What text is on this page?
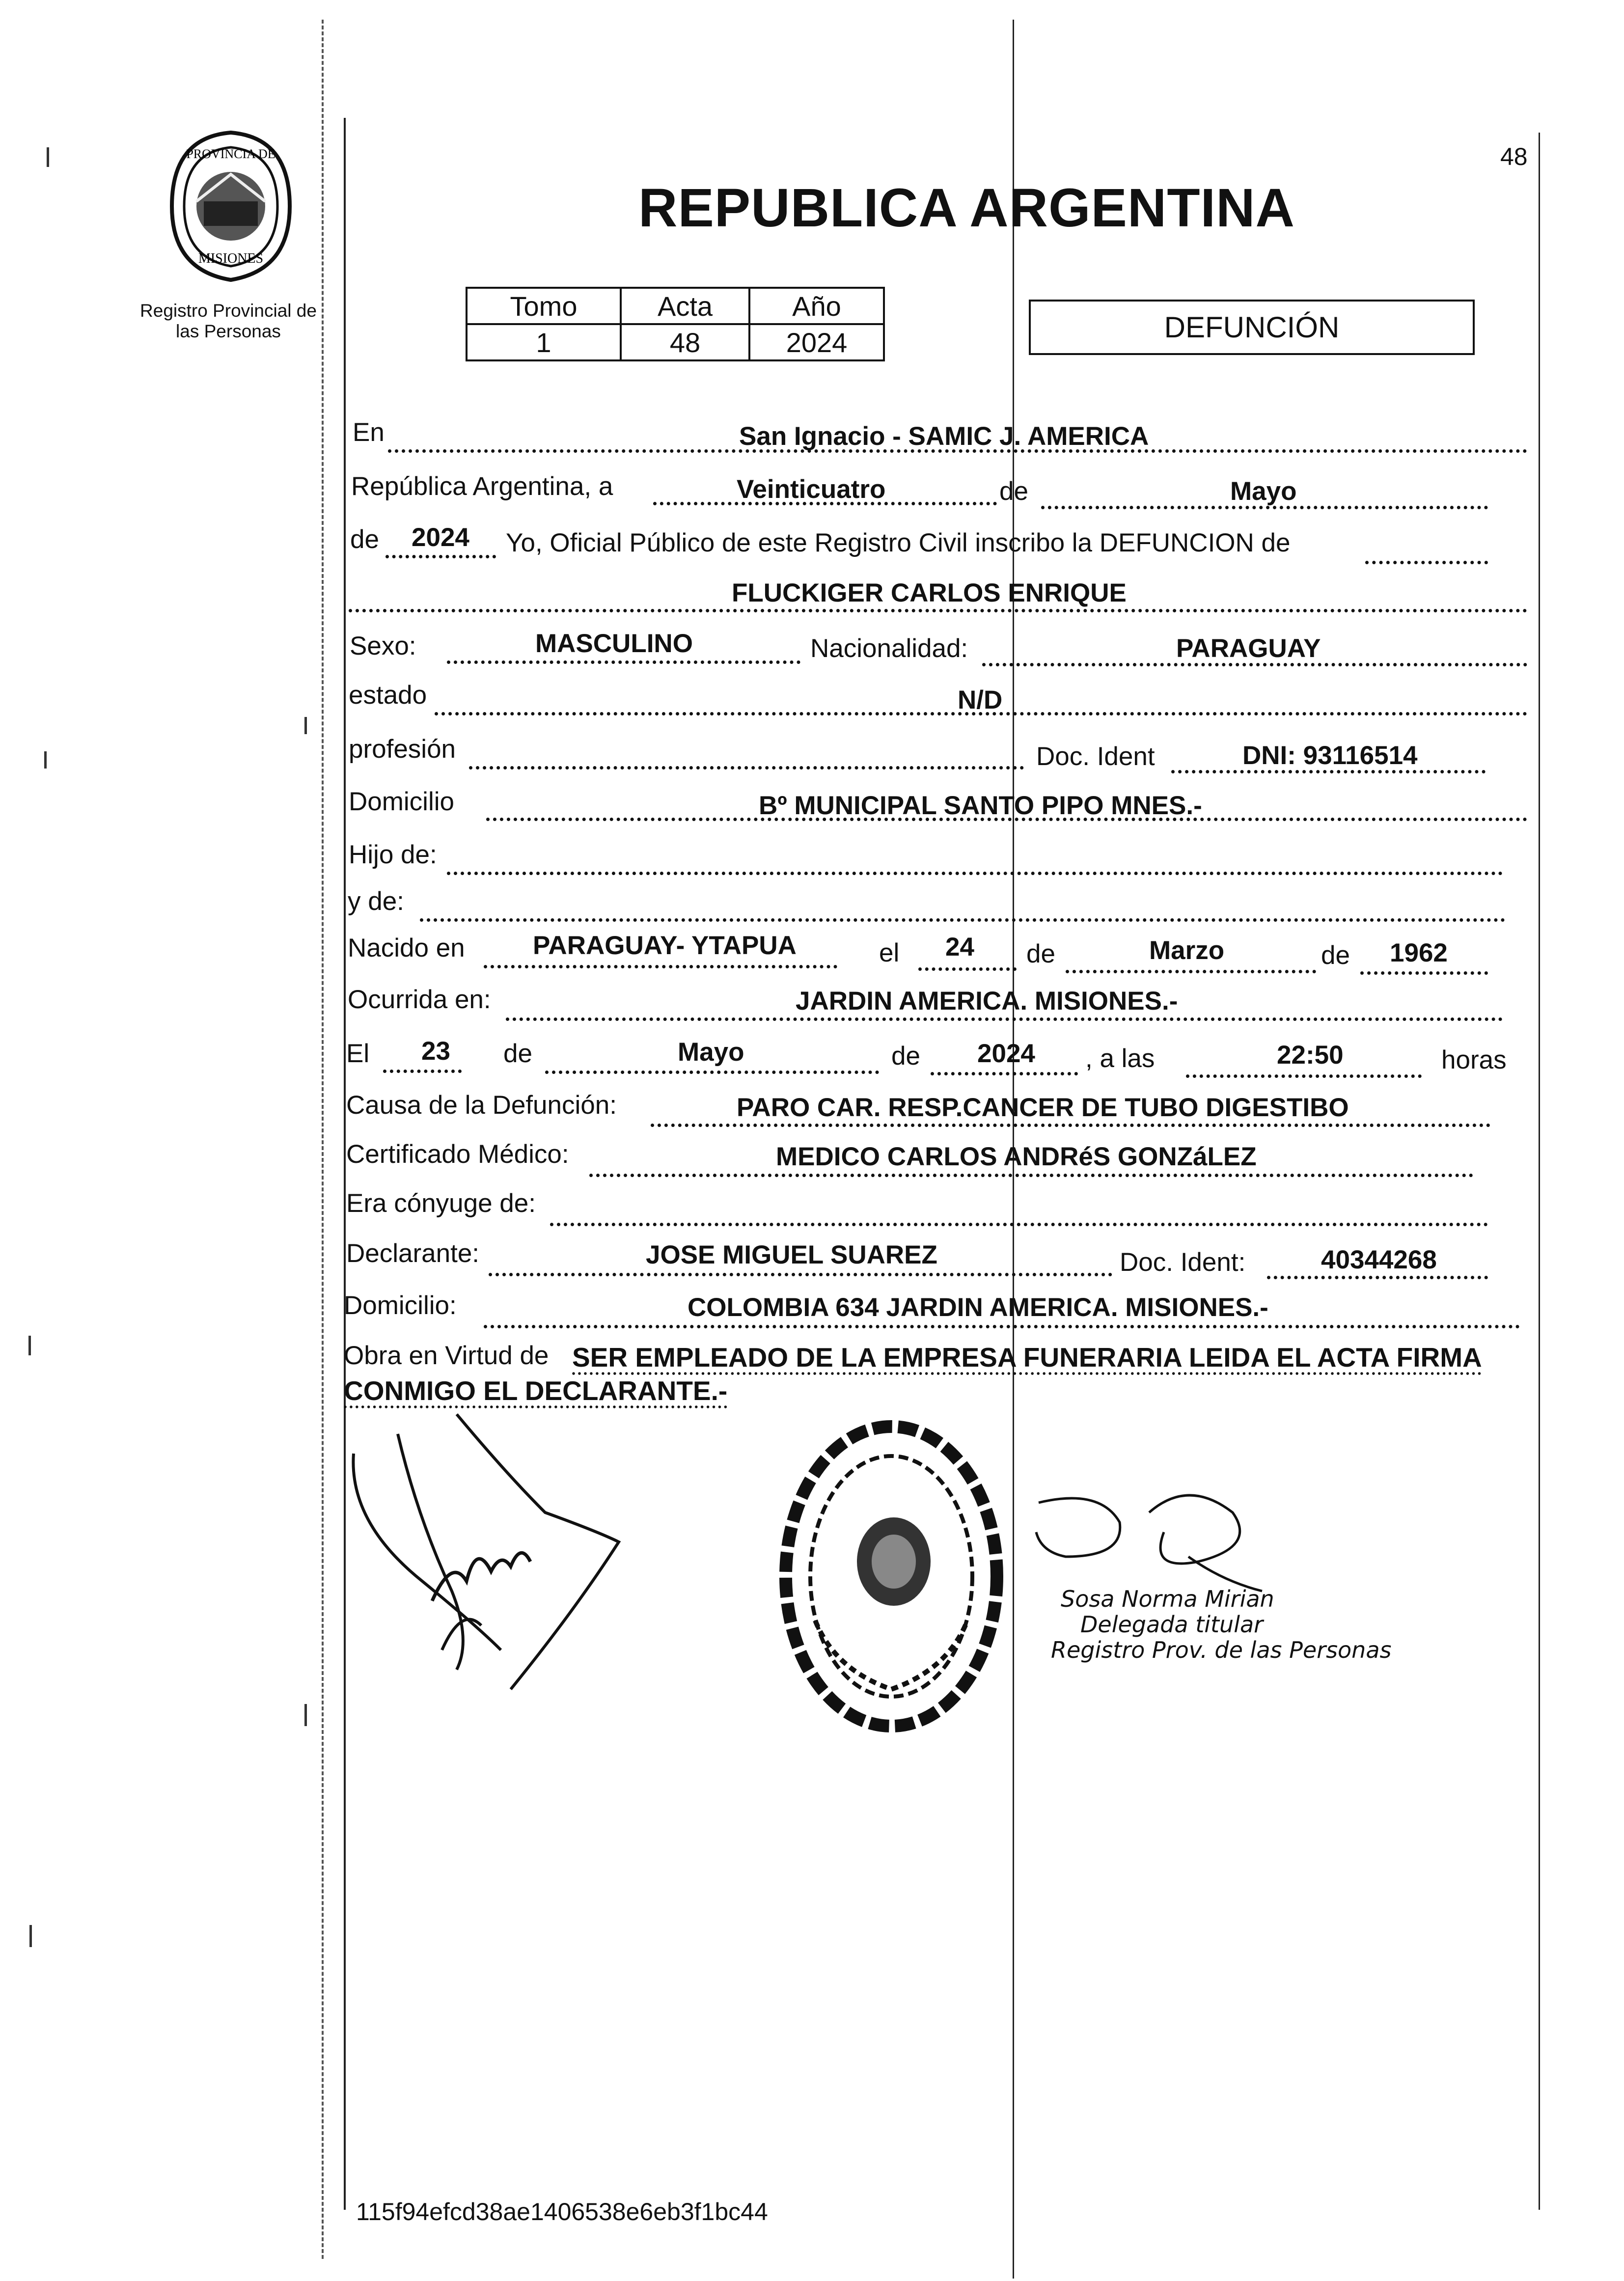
48
PROVINCIA DE
MISIONES
Registro Provincial de las Personas
REPUBLICA ARGENTINA
Tomo	Acta	Año
1	48	2024	DEFUNCIÓN
En	San Ignacio - SAMIC J. AMERICA
República Argentina, a	Veinticuatro	de	Mayo
de 2024 Yo, Oficial Público de este Registro Civil inscribo la DEFUNCION de
FLUCKIGER CARLOS ENRIQUE
Sexo:	MASCULINO	Nacionalidad:	PARAGUAY
estado	N/D
profesión	Doc. Ident	DNI: 93116514
Domicilio	Bº MUNICIPAL SANTO PIPO MNES.-
Hijo de:
y de:
Nacido en	PARAGUAY- YTAPUA	el 24 de	Marzo	de 1962
Ocurrida en:	JARDIN AMERICA. MISIONES.-
El 23 de	Mayo	de 2024 , a las	22:50	horas
Causa de la Defunción:	PARO CAR. RESP.CANCER DE TUBO DIGESTIBO
Certificado Médico:	MEDICO CARLOS ANDRéS GONZáLEZ
Era cónyuge de:
Declarante:	JOSE MIGUEL SUAREZ	Doc. Ident:	40344268
Domicilio:	COLOMBIA 634 JARDIN AMERICA. MISIONES.-
Obra en Virtud de SER EMPLEADO DE LA EMPRESA FUNERARIA LEIDA EL ACTA FIRMA
CONMIGO EL DECLARANTE.-
Sosa Norma Mirian
Delegada titular
Registro Prov. de las Personas
115f94efcd38ae1406538e6eb3f1bc44
